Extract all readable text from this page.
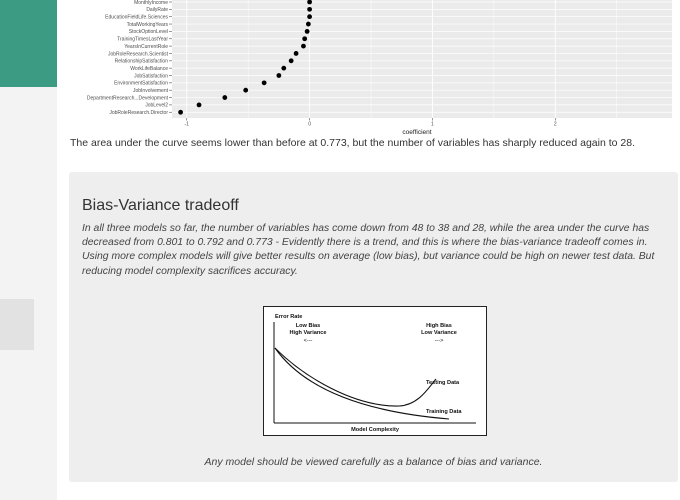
MonthlyIncome
DailyRate
EducationFieldLife.Sciences
TotalWorkingYears
StockOptionLevel
TrainingTimesLastYear
YearsInCurrentRole
JobRoleResearch.Scientist
RelationshipSatisfaction
WorkLifeBalance
JobSatisfaction
EnvironmentSatisfaction
JobInvolvement
DepartmentResearch...Development
JobLevel2
JobRoleResearch.Director
-1	0	1	2
coefficient

The area under the curve seems lower than before at 0.773, but the number of variables has sharply reduced again to 28.

Bias-Variance tradeoff

In all three models so far, the number of variables has come down from 48 to 38 and 28, while the area under the curve has decreased from 0.801 to 0.792 and 0.773 - Evidently there is a trend, and this is where the bias-variance tradeoff comes in. Using more complex models will give better results on average (low bias), but variance could be high on newer test data. But reducing model complexity sacrifices accuracy.

Error Rate
Low Bias
High Variance
<---
High Bias
Low Variance
--->
Testing Data
Training Data
Model Complexity
Any model should be viewed carefully as a balance of bias and variance.
